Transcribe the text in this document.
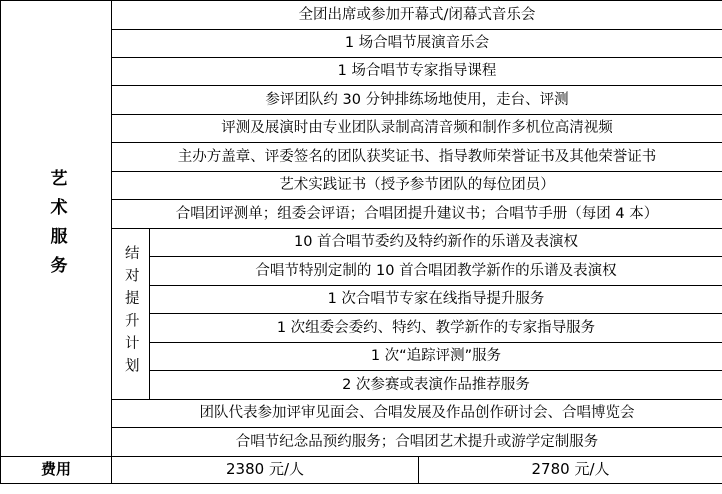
艺术服务	全团出席或参加开幕式/闭幕式音乐会		
	1 场合唱节展演音乐会		
	1 场合唱节专家指导课程		
	参评团队约 30 分钟排练场地使用，走台、评测		
	评测及展演时由专业团队录制高清音频和制作多机位高清视频		
	主办方盖章、评委签名的团队获奖证书、指导教师荣誉证书及其他荣誉证书		
	艺术实践证书（授予参节团队的每位团员）		
	合唱团评测单；组委会评语；合唱团提升建议书；合唱节手册（每团 4 本）		
	结对提升计划	10 首合唱节委约及特约新作的乐谱及表演权	
		合唱节特别定制的 10 首合唱团教学新作的乐谱及表演权	
		1 次合唱节专家在线指导提升服务	
		1 次组委会委约、特约、教学新作的专家指导服务	
		1 次“追踪评测”服务	
		2 次参赛或表演作品推荐服务	
	团队代表参加评审见面会、合唱发展及作品创作研讨会、合唱博览会		
	合唱节纪念品预约服务；合唱团艺术提升或游学定制服务		
费用	2380 元/人		2780 元/人
